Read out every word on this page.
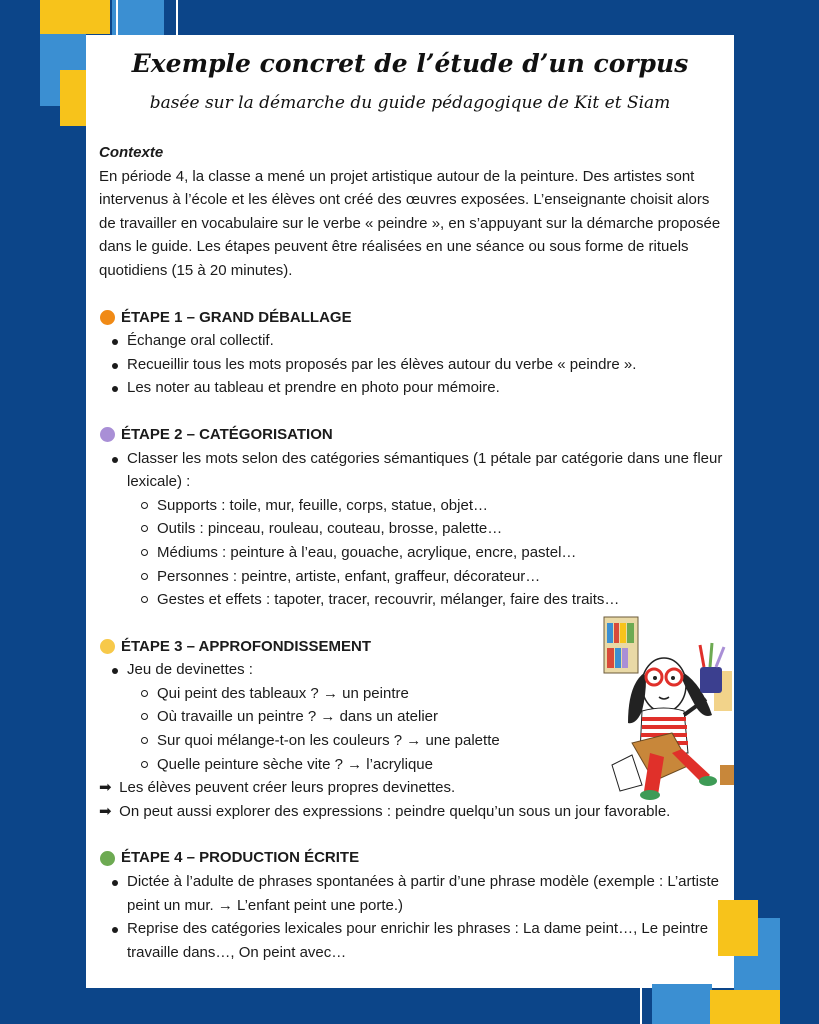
Exemple concret de l’étude d’un corpus
basée sur la démarche du guide pédagogique de Kit et Siam

Contexte

En période 4, la classe a mené un projet artistique autour de la peinture. Des artistes sont intervenus à l’école et les élèves ont créé des œuvres exposées. L’enseignante choisit alors de travailler en vocabulaire sur le verbe « peindre », en s’appuyant sur la démarche proposée dans le guide. Les étapes peuvent être réalisées en une séance ou sous forme de rituels quotidiens (15 à 20 minutes).

ÉTAPE 1 – GRAND DÉBALLAGE
Échange oral collectif.
Recueillir tous les mots proposés par les élèves autour du verbe « peindre ».
Les noter au tableau et prendre en photo pour mémoire.
ÉTAPE 2 – CATÉGORISATION
Classer les mots selon des catégories sémantiques (1 pétale par catégorie dans une fleur lexicale) :
Supports : toile, mur, feuille, corps, statue, objet…
Outils : pinceau, rouleau, couteau, brosse, palette…
Médiums : peinture à l’eau, gouache, acrylique, encre, pastel…
Personnes : peintre, artiste, enfant, graffeur, décorateur…
Gestes et effets : tapoter, tracer, recouvrir, mélanger, faire des traits…
ÉTAPE 3 – APPROFONDISSEMENT
Jeu de devinettes :
Qui peint des tableaux ? → un peintre
Où travaille un peintre ? → dans un atelier
Sur quoi mélange-t-on les couleurs ? → une palette
Quelle peinture sèche vite ? → l’acrylique

➡ Les élèves peuvent créer leurs propres devinettes.

➡ On peut aussi explorer des expressions : peindre quelqu’un sous un jour favorable.

ÉTAPE 4 – PRODUCTION ÉCRITE
Dictée à l’adulte de phrases spontanées à partir d’une phrase modèle (exemple : L’artiste peint un mur. → L’enfant peint une porte.)
Reprise des catégories lexicales pour enrichir les phrases : La dame peint…, Le peintre travaille dans…, On peint avec…
